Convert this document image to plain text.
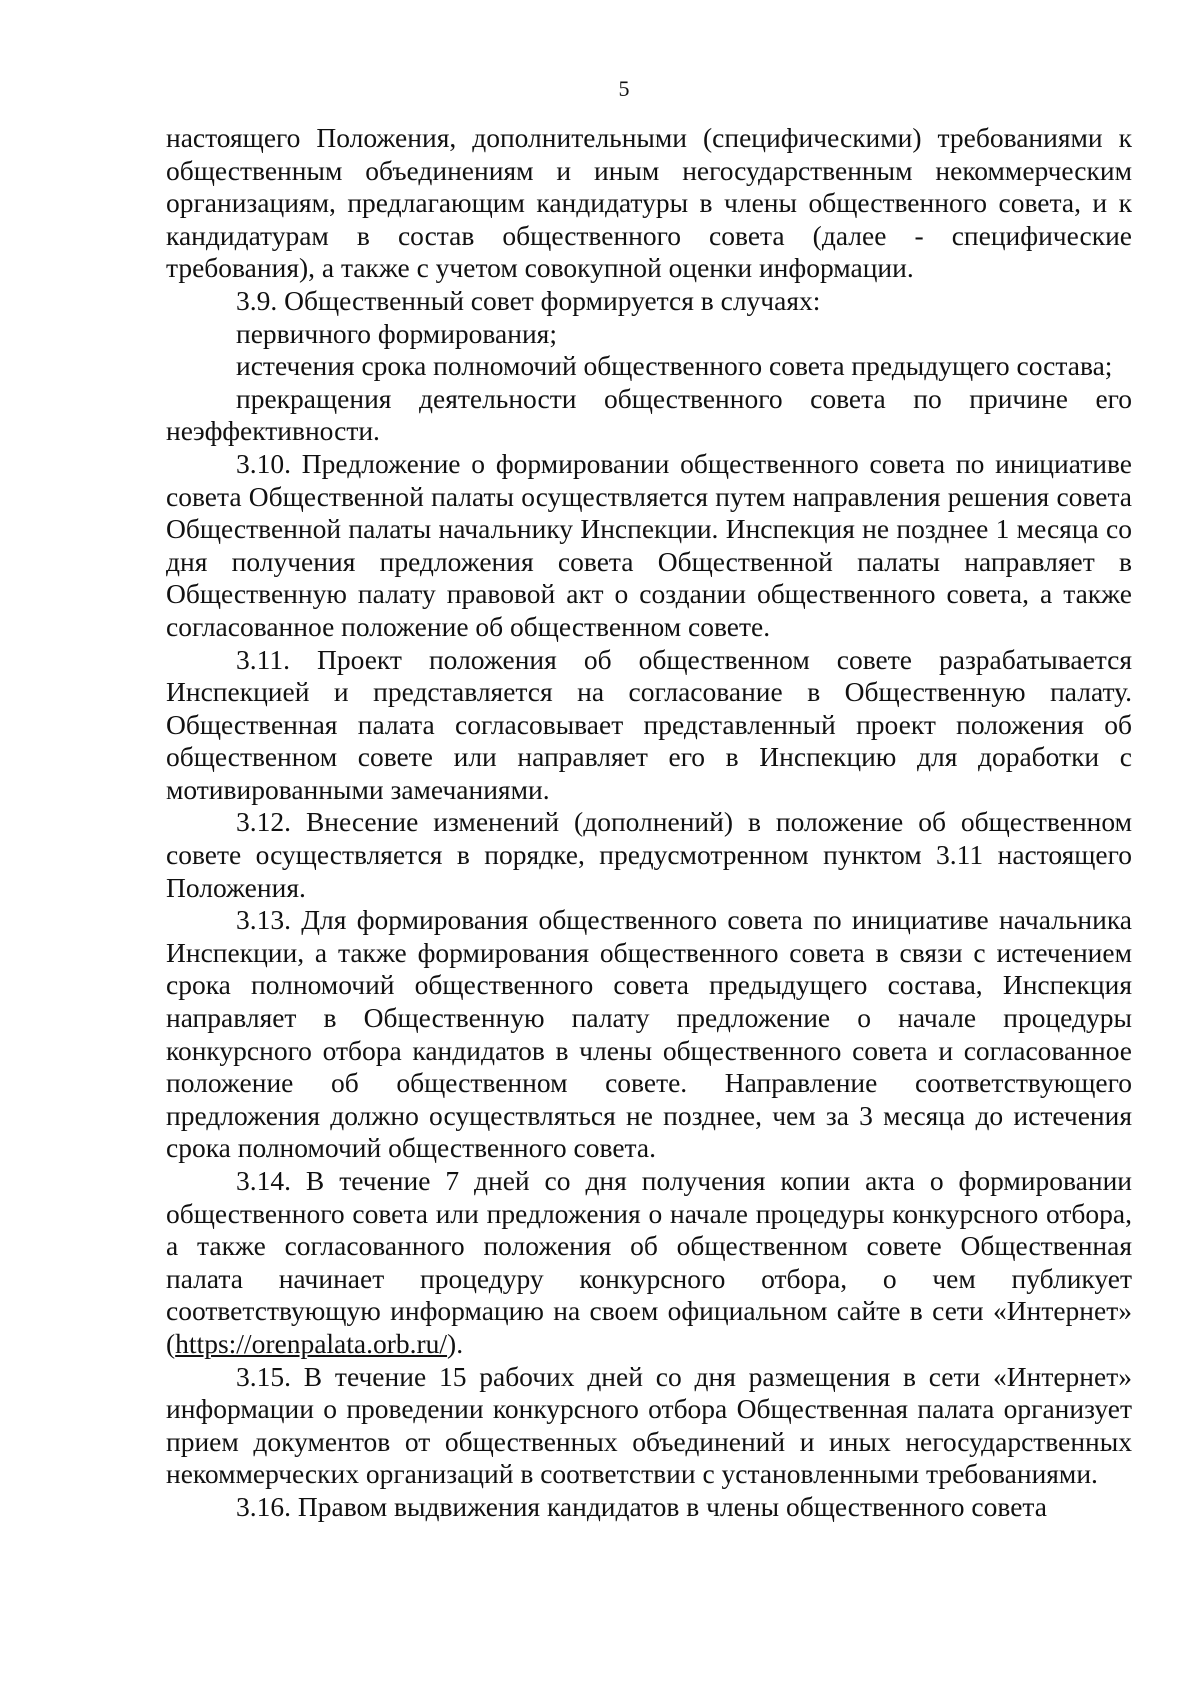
5

настоящего Положения, дополнительными (специфическими) требованиями к общественным объединениям и иным негосударственным некоммерческим организациям, предлагающим кандидатуры в члены общественного совета, и к кандидатурам в состав общественного совета (далее - специфические требования), а также с учетом совокупной оценки информации.

3.9. Общественный совет формируется в случаях:

первичного формирования;

истечения срока полномочий общественного совета предыдущего состава;

прекращения деятельности общественного совета по причине его неэффективности.

3.10. Предложение о формировании общественного совета по инициативе совета Общественной палаты осуществляется путем направления решения совета Общественной палаты начальнику Инспекции. Инспекция не позднее 1 месяца со дня получения предложения совета Общественной палаты направляет в Общественную палату правовой акт о создании общественного совета, а также согласованное положение об общественном совете.

3.11. Проект положения об общественном совете разрабатывается Инспекцией и представляется на согласование в Общественную палату. Общественная палата согласовывает представленный проект положения об общественном совете или направляет его в Инспекцию для доработки с мотивированными замечаниями.

3.12. Внесение изменений (дополнений) в положение об общественном совете осуществляется в порядке, предусмотренном пунктом 3.11 настоящего Положения.

3.13. Для формирования общественного совета по инициативе начальника Инспекции, а также формирования общественного совета в связи с истечением срока полномочий общественного совета предыдущего состава, Инспекция направляет в Общественную палату предложение о начале процедуры конкурсного отбора кандидатов в члены общественного совета и согласованное положение об общественном совете. Направление соответствующего предложения должно осуществляться не позднее, чем за 3 месяца до истечения срока полномочий общественного совета.

3.14. В течение 7 дней со дня получения копии акта о формировании общественного совета или предложения о начале процедуры конкурсного отбора, а также согласованного положения об общественном совете Общественная палата начинает процедуру конкурсного отбора, о чем публикует соответствующую информацию на своем официальном сайте в сети «Интернет» (https://orenpalata.orb.ru/).

3.15. В течение 15 рабочих дней со дня размещения в сети «Интернет» информации о проведении конкурсного отбора Общественная палата организует прием документов от общественных объединений и иных негосударственных некоммерческих организаций в соответствии с установленными требованиями.

3.16. Правом выдвижения кандидатов в члены общественного совета
